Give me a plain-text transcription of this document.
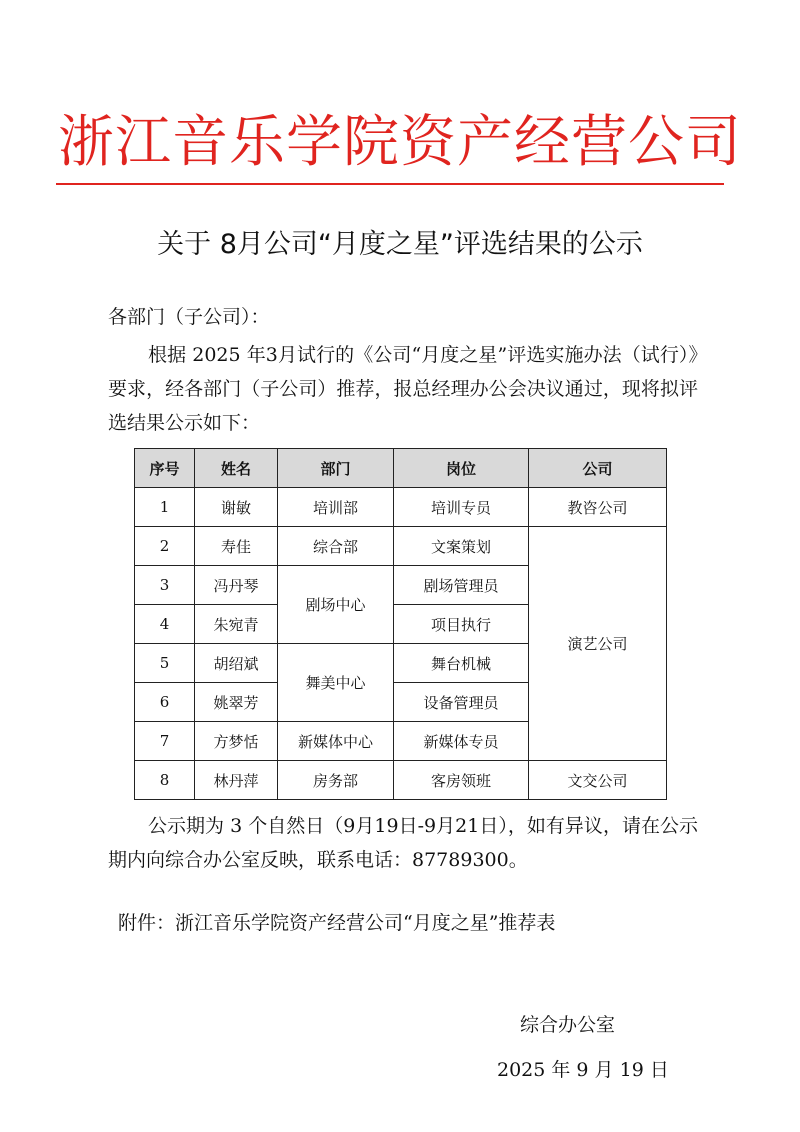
浙江音乐学院资产经营公司
关于 8月公司“月度之星”评选结果的公示

各部门（子公司）：

根据 2025 年3月试行的《公司“月度之星”评选实施办法（试行）》要求，经各部门（子公司）推荐，报总经理办公会决议通过，现将拟评选结果公示如下：

序号	姓名	部门	岗位	公司
1	谢敏	培训部	培训专员	教咨公司
2	寿佳	综合部	文案策划	演艺公司
3	冯丹琴	剧场中心	剧场管理员	
4	朱宛青		项目执行	
5	胡绍斌	舞美中心	舞台机械	
6	姚翠芳		设备管理员	
7	方梦恬	新媒体中心	新媒体专员	
8	林丹萍	房务部	客房领班	文交公司

公示期为 3 个自然日（9月19日-9月21日），如有异议，请在公示期内向综合办公室反映，联系电话：87789300。

附件：浙江音乐学院资产经营公司“月度之星”推荐表

综合办公室

2025 年 9 月 19 日
